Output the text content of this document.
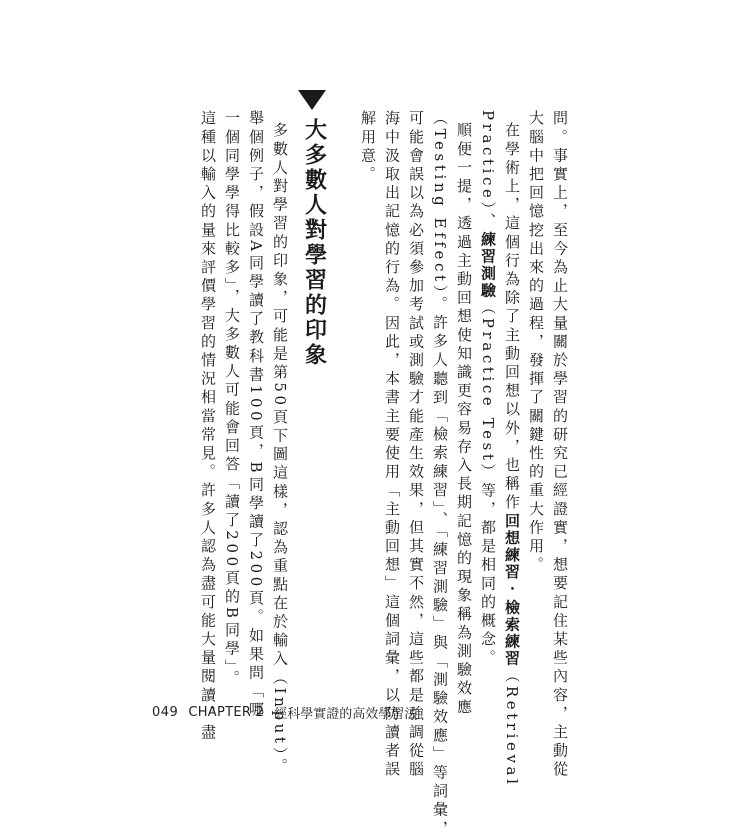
問。事實上，至今為止大量關於學習的研究已經證實，想要記住某些內容，主動從
大腦中把回憶挖出來的過程，發揮了關鍵性的重大作用。
在學術上，這個行為除了主動回想以外，也稱作回想練習・檢索練習（Retrieval
Practice）、練習測驗（Practice Test）等，都是相同的概念。
順便一提，透過主動回想使知識更容易存入長期記憶的現象稱為測驗效應
（Testing Effect）。許多人聽到「檢索練習」、「練習測驗」與「測驗效應」等詞彙，
可能會誤以為必須參加考試或測驗才能產生效果，但其實不然，這些都是強調從腦
海中汲取出記憶的行為。因此，本書主要使用「主動回想」這個詞彙，以防讀者誤
解用意。
大多數人對學習的印象
多數人對學習的印象，可能是第50頁下圖這樣，認為重點在於輸入（Input）。
舉個例子，假設A同學讀了教科書100頁，B同學讀了200頁。如果問「哪
一個同學學得比較多」，大多數人可能會回答「讀了200頁的B同學」。
這種以輸入的量來評價學習的情況相當常見。許多人認為盡可能大量閱讀，盡
049 CHAPTER 2 經科學實證的高效學習法
